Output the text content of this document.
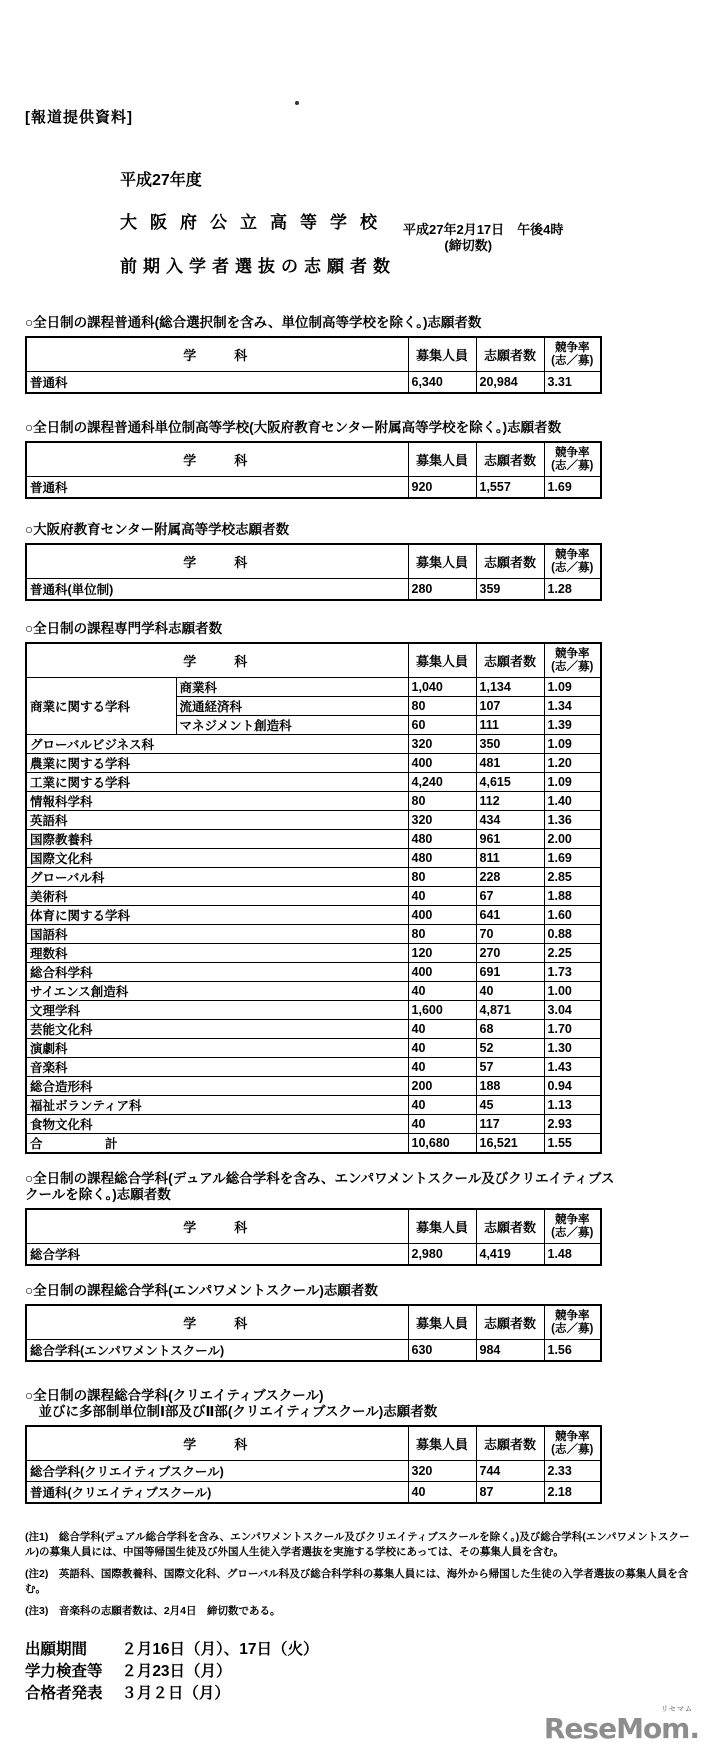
[報道提供資料]
平成27年度
大阪府公立高等学校
前期入学者選抜の志願者数
平成27年2月17日　午後4時
(締切数)
○全日制の課程普通科(総合選択制を含み、単位制高等学校を除く。)志願者数
学　　科	募集人員	志願者数	競争率
(志／募)

普通科	6,340	20,984	3.31
○全日制の課程普通科単位制高等学校(大阪府教育センター附属高等学校を除く。)志願者数
学　　科	募集人員	志願者数	競争率
(志／募)

普通科	920	1,557	1.69
○大阪府教育センター附属高等学校志願者数
学　　科	募集人員	志願者数	競争率
(志／募)

普通科(単位制)	280	359	1.28
○全日制の課程専門学科志願者数
学　　科		募集人員	志願者数	競争率
(志／募)

商業に関する学科	商業科	1,040	1,134	1.09
	流通経済科	80	107	1.34
	マネジメント創造科	60	111	1.39
グローバルビジネス科		320	350	1.09
農業に関する学科		400	481	1.20
工業に関する学科		4,240	4,615	1.09
情報科学科		80	112	1.40
英語科		320	434	1.36
国際教養科		480	961	2.00
国際文化科		480	811	1.69
グローバル科		80	228	2.85
美術科		40	67	1.88
体育に関する学科		400	641	1.60
国語科		80	70	0.88
理数科		120	270	2.25
総合科学科		400	691	1.73
サイエンス創造科		40	40	1.00
文理学科		1,600	4,871	3.04
芸能文化科		40	68	1.70
演劇科		40	52	1.30
音楽科		40	57	1.43
総合造形科		200	188	0.94
福祉ボランティア科		40	45	1.13
食物文化科		40	117	2.93
合　　　　　計		10,680	16,521	1.55
○全日制の課程総合学科(デュアル総合学科を含み、エンパワメントスクール及びクリエイティブスクールを除く。)志願者数
学　　科	募集人員	志願者数	競争率
(志／募)

総合学科	2,980	4,419	1.48
○全日制の課程総合学科(エンパワメントスクール)志願者数
学　　科	募集人員	志願者数	競争率
(志／募)

総合学科(エンパワメントスクール)	630	984	1.56
○全日制の課程総合学科(クリエイティブスクール)
　並びに多部制単位制Ⅰ部及びⅡ部(クリエイティブスクール)志願者数
学　　科	募集人員	志願者数	競争率
(志／募)

総合学科(クリエイティブスクール)	320	744	2.33
普通科(クリエイティブスクール)	40	87	2.18
(注1)　総合学科(デュアル総合学科を含み、エンパワメントスクール及びクリエイティブスクールを除く。)及び総合学科(エンパワメントスクール)の募集人員には、中国等帰国生徒及び外国人生徒入学者選抜を実施する学校にあっては、その募集人員を含む。
(注2)　英語科、国際教養科、国際文化科、グローバル科及び総合科学科の募集人員には、海外から帰国した生徒の入学者選抜の募集人員を含む。
(注3)　音楽科の志願者数は、2月4日　締切数である。
出願期間 ２月16日（月）、17日（火）
学力検査等 ２月23日（月）
合格者発表 ３月２日（月）
リセマム
ReseMom.
